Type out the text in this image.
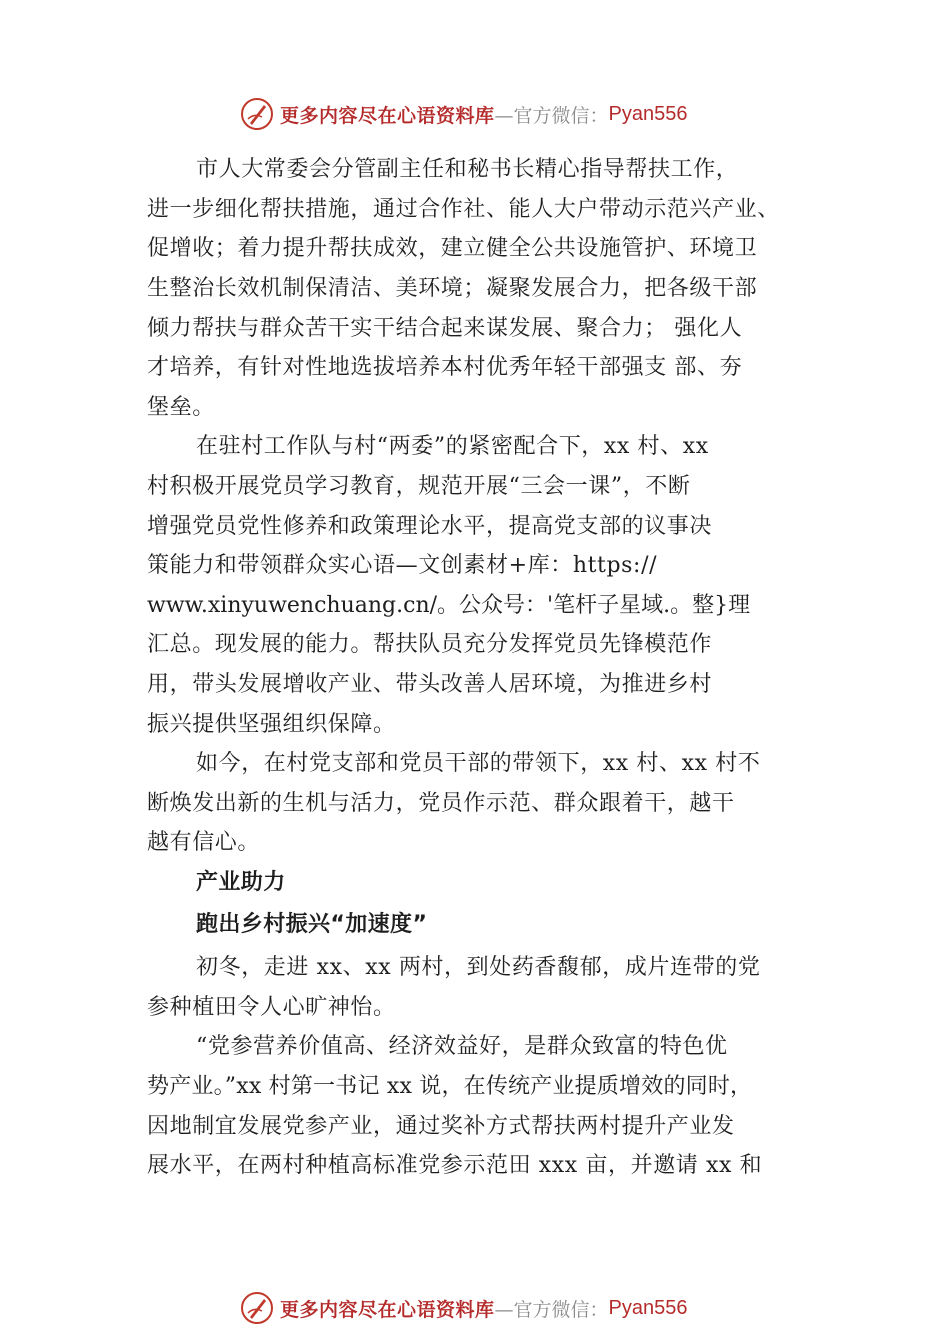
更多内容尽在心语资料库 —官方微信： Pyan556
市人大常委会分管副主任和秘书长精心指导帮扶工作，
进一步细化帮扶措施，通过合作社、能人大户带动示范兴产业、
促增收；着力提升帮扶成效，建立健全公共设施管护、环境卫
生整治长效机制保清洁、美环境；凝聚发展合力，把各级干部
倾力帮扶与群众苦干实干结合起来谋发展、聚合力； 强化人
才培养，有针对性地选拔培养本村优秀年轻干部强支 部、夯
堡垒。
在驻村工作队与村“两委”的紧密配合下，xx 村、xx
村积极开展党员学习教育，规范开展“三会一课”，不断
增强党员党性修养和政策理论水平，提高党支部的议事决
策能力和带领群众实心语—文创素材+库：https://
www.xinyuwenchuang.cn/。公众号：'笔杆子星域.。整}理
汇总。现发展的能力。帮扶队员充分发挥党员先锋模范作
用，带头发展增收产业、带头改善人居环境，为推进乡村
振兴提供坚强组织保障。
如今，在村党支部和党员干部的带领下，xx 村、xx 村不
断焕发出新的生机与活力，党员作示范、群众跟着干，越干
越有信心。
产业助力
跑出乡村振兴“加速度”
初冬，走进 xx、xx 两村，到处药香馥郁，成片连带的党
参种植田令人心旷神怡。
“党参营养价值高、经济效益好，是群众致富的特色优
势产业。”xx 村第一书记 xx 说，在传统产业提质增效的同时，
因地制宜发展党参产业，通过奖补方式帮扶两村提升产业发
展水平，在两村种植高标准党参示范田 xxx 亩，并邀请 xx 和
更多内容尽在心语资料库 —官方微信： Pyan556
